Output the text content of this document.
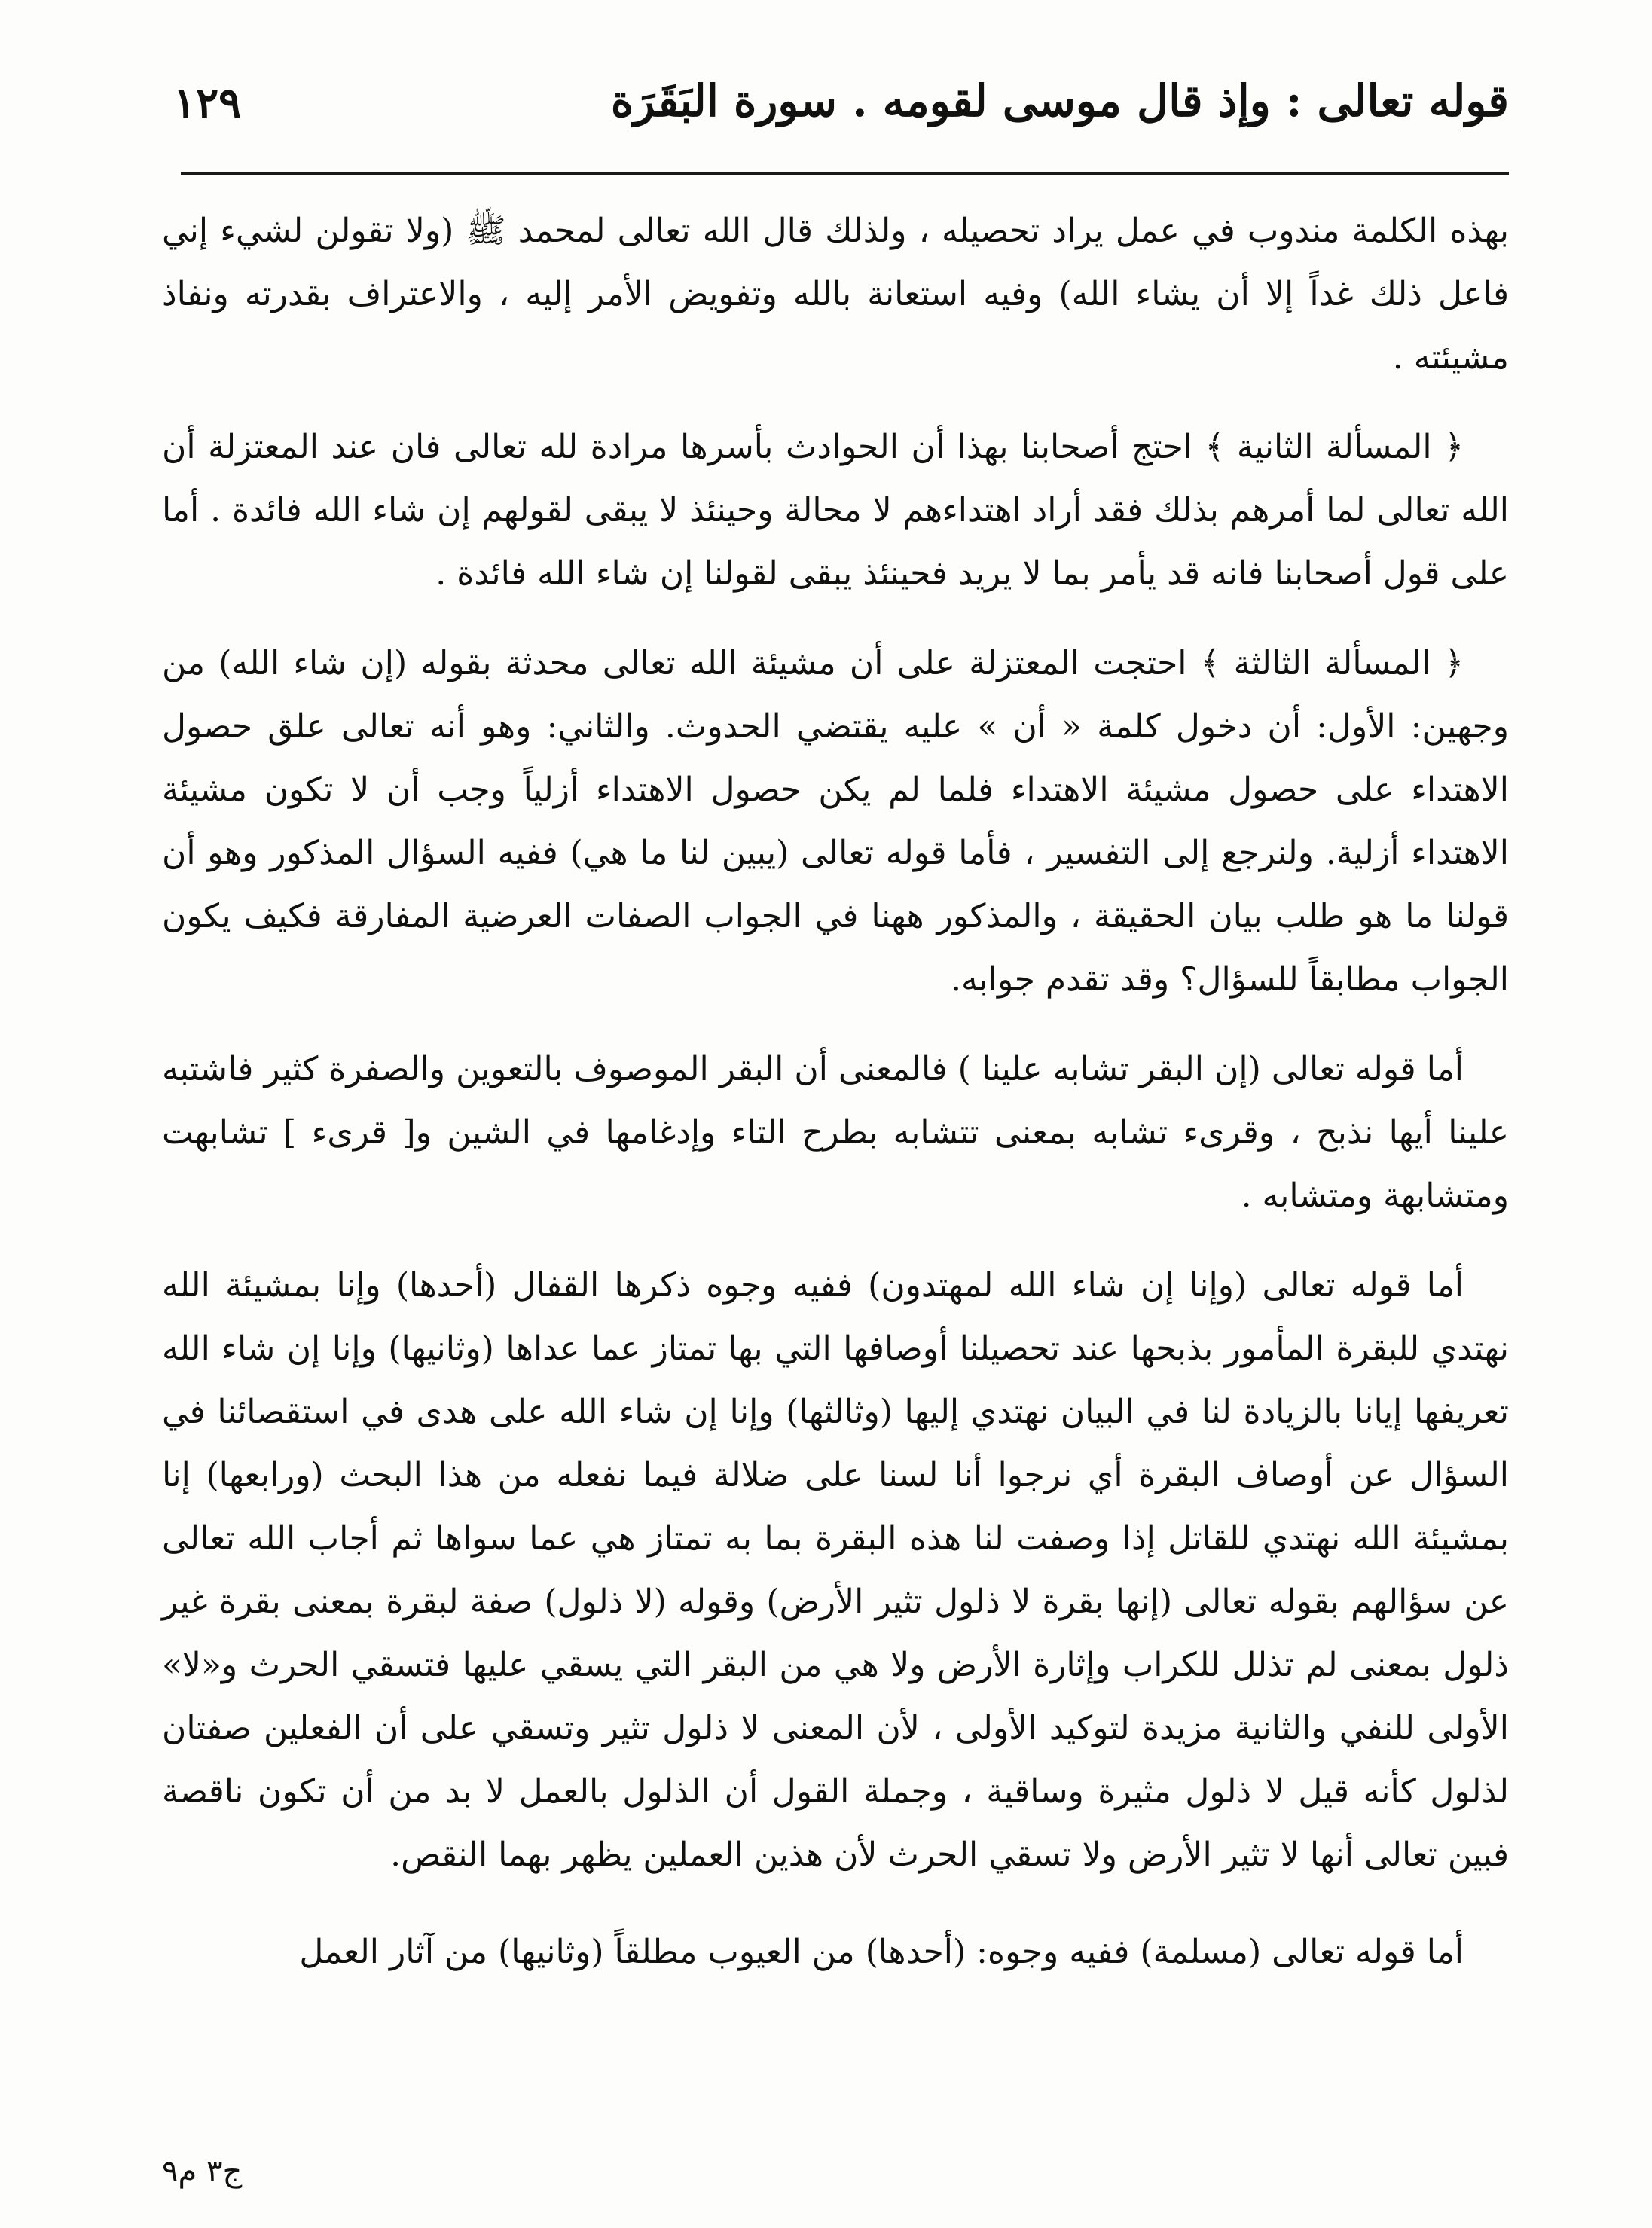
قوله تعالى : وإذ قال موسى لقومه . سورة البَقَرَة
١٢٩

بهذه الكلمة مندوب في عمل يراد تحصيله ، ولذلك قال الله تعالى لمحمد ﷺ (ولا تقولن لشيء إني فاعل ذلك غداً إلا أن يشاء الله) وفيه استعانة بالله وتفويض الأمر إليه ، والاعتراف بقدرته ونفاذ مشيئته .

﴿ المسألة الثانية ﴾ احتج أصحابنا بهذا أن الحوادث بأسرها مرادة لله تعالى فان عند المعتزلة أن الله تعالى لما أمرهم بذلك فقد أراد اهتداءهم لا محالة وحينئذ لا يبقى لقولهم إن شاء الله فائدة . أما على قول أصحابنا فانه قد يأمر بما لا يريد فحينئذ يبقى لقولنا إن شاء الله فائدة .

﴿ المسألة الثالثة ﴾ احتجت المعتزلة على أن مشيئة الله تعالى محدثة بقوله (إن شاء الله) من وجهين: الأول: أن دخول كلمة « أن » عليه يقتضي الحدوث. والثاني: وهو أنه تعالى علق حصول الاهتداء على حصول مشيئة الاهتداء فلما لم يكن حصول الاهتداء أزلياً وجب أن لا تكون مشيئة الاهتداء أزلية. ولنرجع إلى التفسير ، فأما قوله تعالى (يبين لنا ما هي) ففيه السؤال المذكور وهو أن قولنا ما هو طلب بيان الحقيقة ، والمذكور ههنا في الجواب الصفات العرضية المفارقة فكيف يكون الجواب مطابقاً للسؤال؟ وقد تقدم جوابه.

أما قوله تعالى (إن البقر تشابه علينا ) فالمعنى أن البقر الموصوف بالتعوين والصفرة كثير فاشتبه علينا أيها نذبح ، وقرىء تشابه بمعنى تتشابه بطرح التاء وإدغامها في الشين و[ قرىء ] تشابهت ومتشابهة ومتشابه .

أما قوله تعالى (وإنا إن شاء الله لمهتدون) ففيه وجوه ذكرها القفال (أحدها) وإنا بمشيئة الله نهتدي للبقرة المأمور بذبحها عند تحصيلنا أوصافها التي بها تمتاز عما عداها (وثانيها) وإنا إن شاء الله تعريفها إيانا بالزيادة لنا في البيان نهتدي إليها (وثالثها) وإنا إن شاء الله على هدى في استقصائنا في السؤال عن أوصاف البقرة أي نرجوا أنا لسنا على ضلالة فيما نفعله من هذا البحث (ورابعها) إنا بمشيئة الله نهتدي للقاتل إذا وصفت لنا هذه البقرة بما به تمتاز هي عما سواها ثم أجاب الله تعالى عن سؤالهم بقوله تعالى (إنها بقرة لا ذلول تثير الأرض) وقوله (لا ذلول) صفة لبقرة بمعنى بقرة غير ذلول بمعنى لم تذلل للكراب وإثارة الأرض ولا هي من البقر التي يسقي عليها فتسقي الحرث و«لا» الأولى للنفي والثانية مزيدة لتوكيد الأولى ، لأن المعنى لا ذلول تثير وتسقي على أن الفعلين صفتان لذلول كأنه قيل لا ذلول مثيرة وساقية ، وجملة القول أن الذلول بالعمل لا بد من أن تكون ناقصة فبين تعالى أنها لا تثير الأرض ولا تسقي الحرث لأن هذين العملين يظهر بهما النقص.

أما قوله تعالى (مسلمة) ففيه وجوه: (أحدها) من العيوب مطلقاً (وثانيها) من آثار العمل

ج٣ م٩
